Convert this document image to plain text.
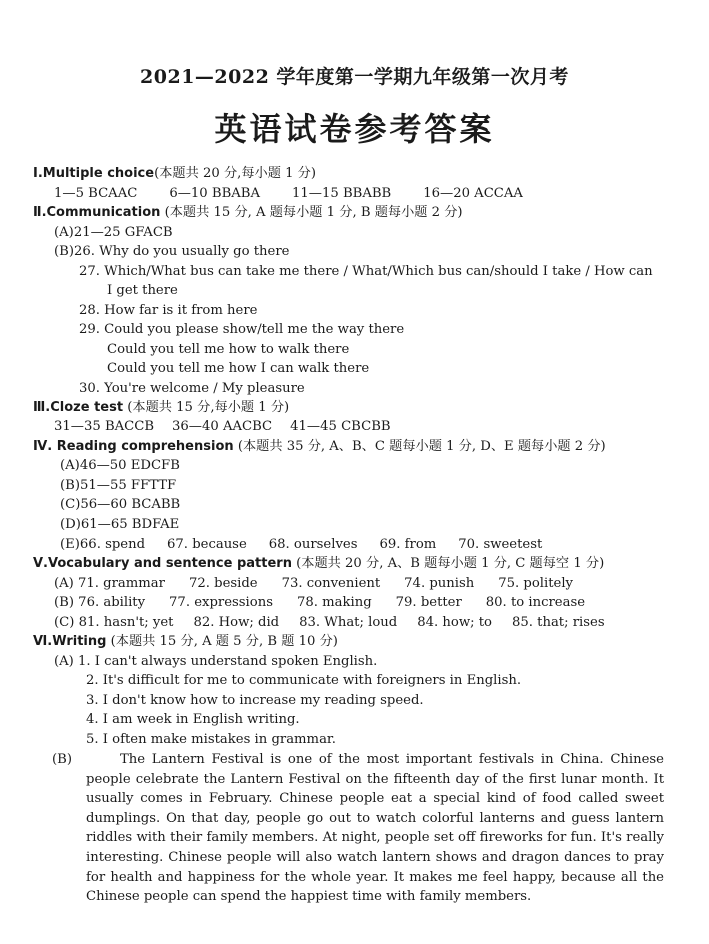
2021—2022 学年度第一学期九年级第一次月考
英语试卷参考答案
Ⅰ.Multiple choice(本题共 20 分,每小题 1 分)
1—5 BCAAC 6—10 BBABA 11—15 BBABB 16—20 ACCAA
Ⅱ.Communication (本题共 15 分, A 题每小题 1 分, B 题每小题 2 分)
(A)21—25 GFACB
(B)26. Why do you usually go there
27. Which/What bus can take me there / What/Which bus can/should I take / How can
I get there
28. How far is it from here
29. Could you please show/tell me the way there
Could you tell me how to walk there
Could you tell me how I can walk there
30. You're welcome / My pleasure
Ⅲ.Cloze test (本题共 15 分,每小题 1 分)
31—35 BACCB 36—40 AACBC 41—45 CBCBB
Ⅳ. Reading comprehension (本题共 35 分, A、B、C 题每小题 1 分, D、E 题每小题 2 分)
(A)46—50 EDCFB
(B)51—55 FFTTF
(C)56—60 BCABB
(D)61—65 BDFAE
(E)66. spend 67. because 68. ourselves 69. from 70. sweetest
Ⅴ.Vocabulary and sentence pattern (本题共 20 分, A、B 题每小题 1 分, C 题每空 1 分)
(A) 71. grammar 72. beside 73. convenient 74. punish 75. politely
(B) 76. ability 77. expressions 78. making 79. better 80. to increase
(C) 81. hasn't; yet 82. How; did 83. What; loud 84. how; to 85. that; rises
Ⅵ.Writing (本题共 15 分, A 题 5 分, B 题 10 分)
(A) 1. I can't always understand spoken English.
2. It's difficult for me to communicate with foreigners in English.
3. I don't know how to increase my reading speed.
4. I am week in English writing.
5. I often make mistakes in grammar.
(B)	The Lantern Festival is one of the most important festivals in China. Chinese people celebrate the Lantern Festival on the fifteenth day of the first lunar month. It usually comes in February. Chinese people eat a special kind of food called sweet dumplings. On that day, people go out to watch colorful lanterns and guess lantern riddles with their family members. At night, people set off fireworks for fun. It's really interesting. Chinese people will also watch lantern shows and dragon dances to pray for health and happiness for the whole year. It makes me feel happy, because all the Chinese people can spend the happiest time with family members.
